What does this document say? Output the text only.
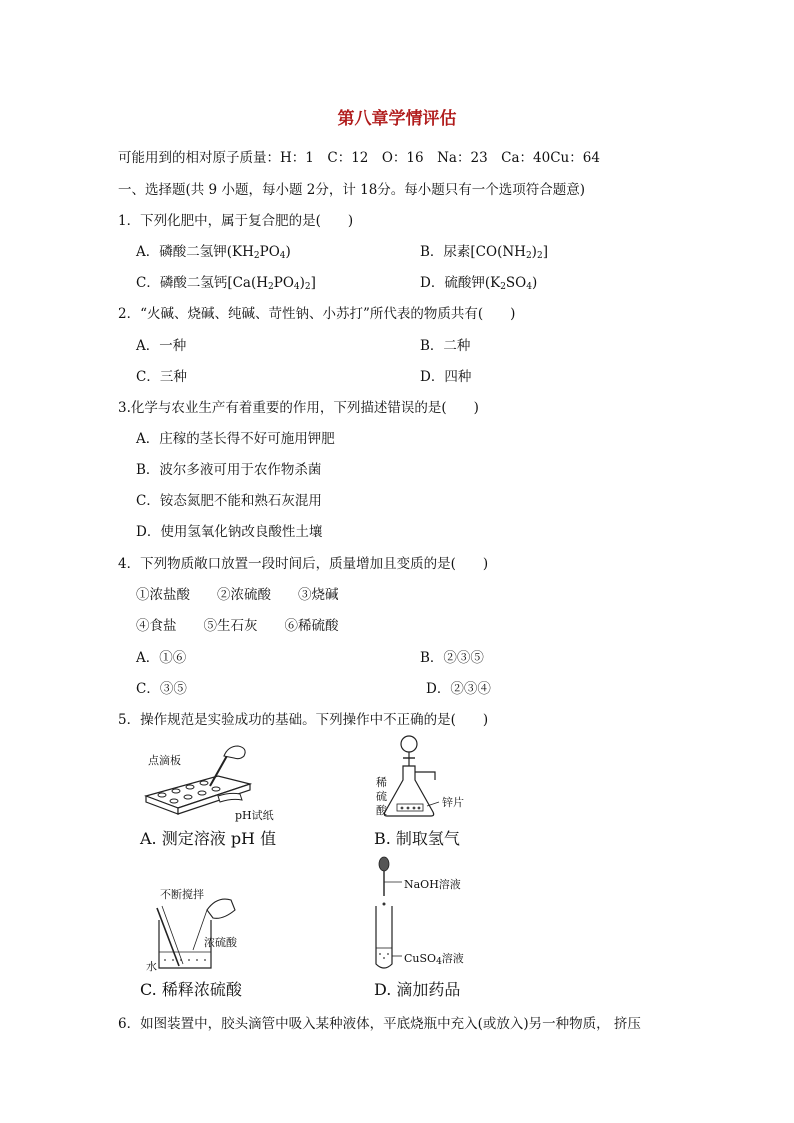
第八章学情评估
可能用到的相对原子质量：H：1　C：12　O：16　Na：23　Ca：40Cu：64
一、选择题(共 9 小题，每小题 2分，计 18分。每小题只有一个选项符合题意)
1．下列化肥中，属于复合肥的是(　　)
A．磷酸二氢钾$(KH_2PO_4)$	B．尿素$[CO(NH_2)_2]$
C．磷酸二氢钙$[Ca(H_2PO_4)_2]$	D．硫酸钾$(K_2SO_4)$
2．“火碱、烧碱、纯碱、苛性钠、小苏打”所代表的物质共有(　　)
A．一种	B．二种
C．三种	D．四种
3.化学与农业生产有着重要的作用，下列描述错误的是(　　)
A．庄稼的茎长得不好可施用钾肥
B．波尔多液可用于农作物杀菌
C．铵态氮肥不能和熟石灰混用
D．使用氢氧化钠改良酸性土壤
4．下列物质敞口放置一段时间后，质量增加且变质的是(　　)
①浓盐酸　　②浓硫酸　　③烧碱
④食盐　　⑤生石灰　　⑥稀硫酸
A．①⑥	B．②③⑤
C．③⑤	D．②③④
5．操作规范是实验成功的基础。下列操作中不正确的是(　　)
点滴板
pH试纸
A. 测定溶液 pH 值
稀
硫
酸
锌片
B. 制取氢气
不断搅拌
浓硫酸
水
C. 稀释浓硫酸
NaOH溶液
CuSO$_4$溶液
D. 滴加药品
6．如图装置中，胶头滴管中吸入某种液体，平底烧瓶中充入(或放入)另一种物质， 挤压
